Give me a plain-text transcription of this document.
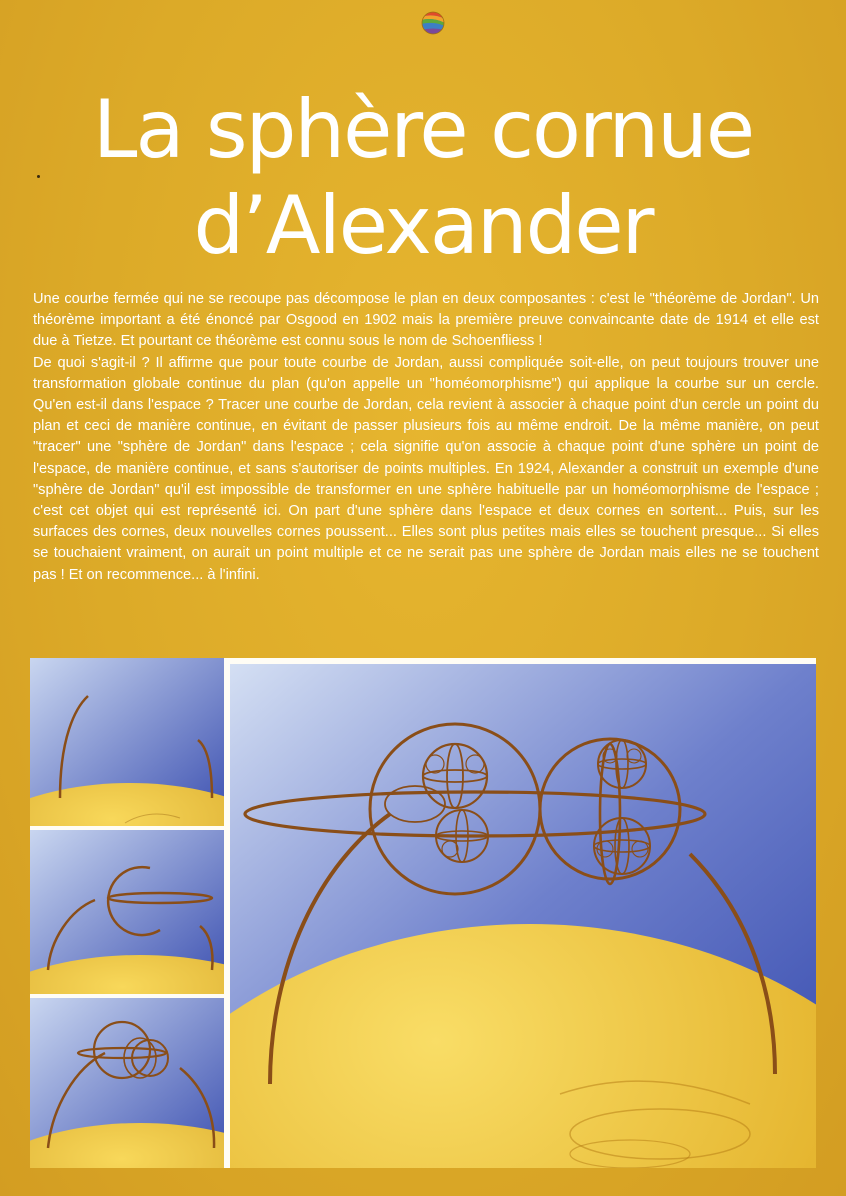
La sphère cornue
d’Alexander

Une courbe fermée qui ne se recoupe pas décompose le plan en deux composantes : c'est le "théorème de Jordan". Un théorème important a été énoncé par Osgood en 1902 mais la première preuve convaincante date de 1914 et elle est due à Tietze. Et pourtant ce théorème est connu sous le nom de Schoenfliess !

De quoi s'agit-il ? Il affirme que pour toute courbe de Jordan, aussi compliquée soit-elle, on peut toujours trouver une transformation globale continue du plan (qu'on appelle un "homéomorphisme") qui applique la courbe sur un cercle. Qu'en est-il dans l'espace ? Tracer une courbe de Jordan, cela revient à associer à chaque point d'un cercle un point du plan et ceci de manière continue, en évitant de passer plusieurs fois au même endroit. De la même manière, on peut "tracer" une "sphère de Jordan" dans l'espace ; cela signifie qu'on associe à chaque point d'une sphère un point de l'espace, de manière continue, et sans s'autoriser de points multiples. En 1924, Alexander a construit un exemple d'une "sphère de Jordan" qu'il est impossible de transformer en une sphère habituelle par un homéomorphisme de l'espace ; c'est cet objet qui est représenté ici. On part d'une sphère dans l'espace et deux cornes en sortent... Puis, sur les surfaces des cornes, deux nouvelles cornes poussent... Elles sont plus petites mais elles se touchent presque... Si elles se touchaient vraiment, on aurait un point multiple et ce ne serait pas une sphère de Jordan mais elles ne se touchent pas ! Et on recommence... à l'infini.
